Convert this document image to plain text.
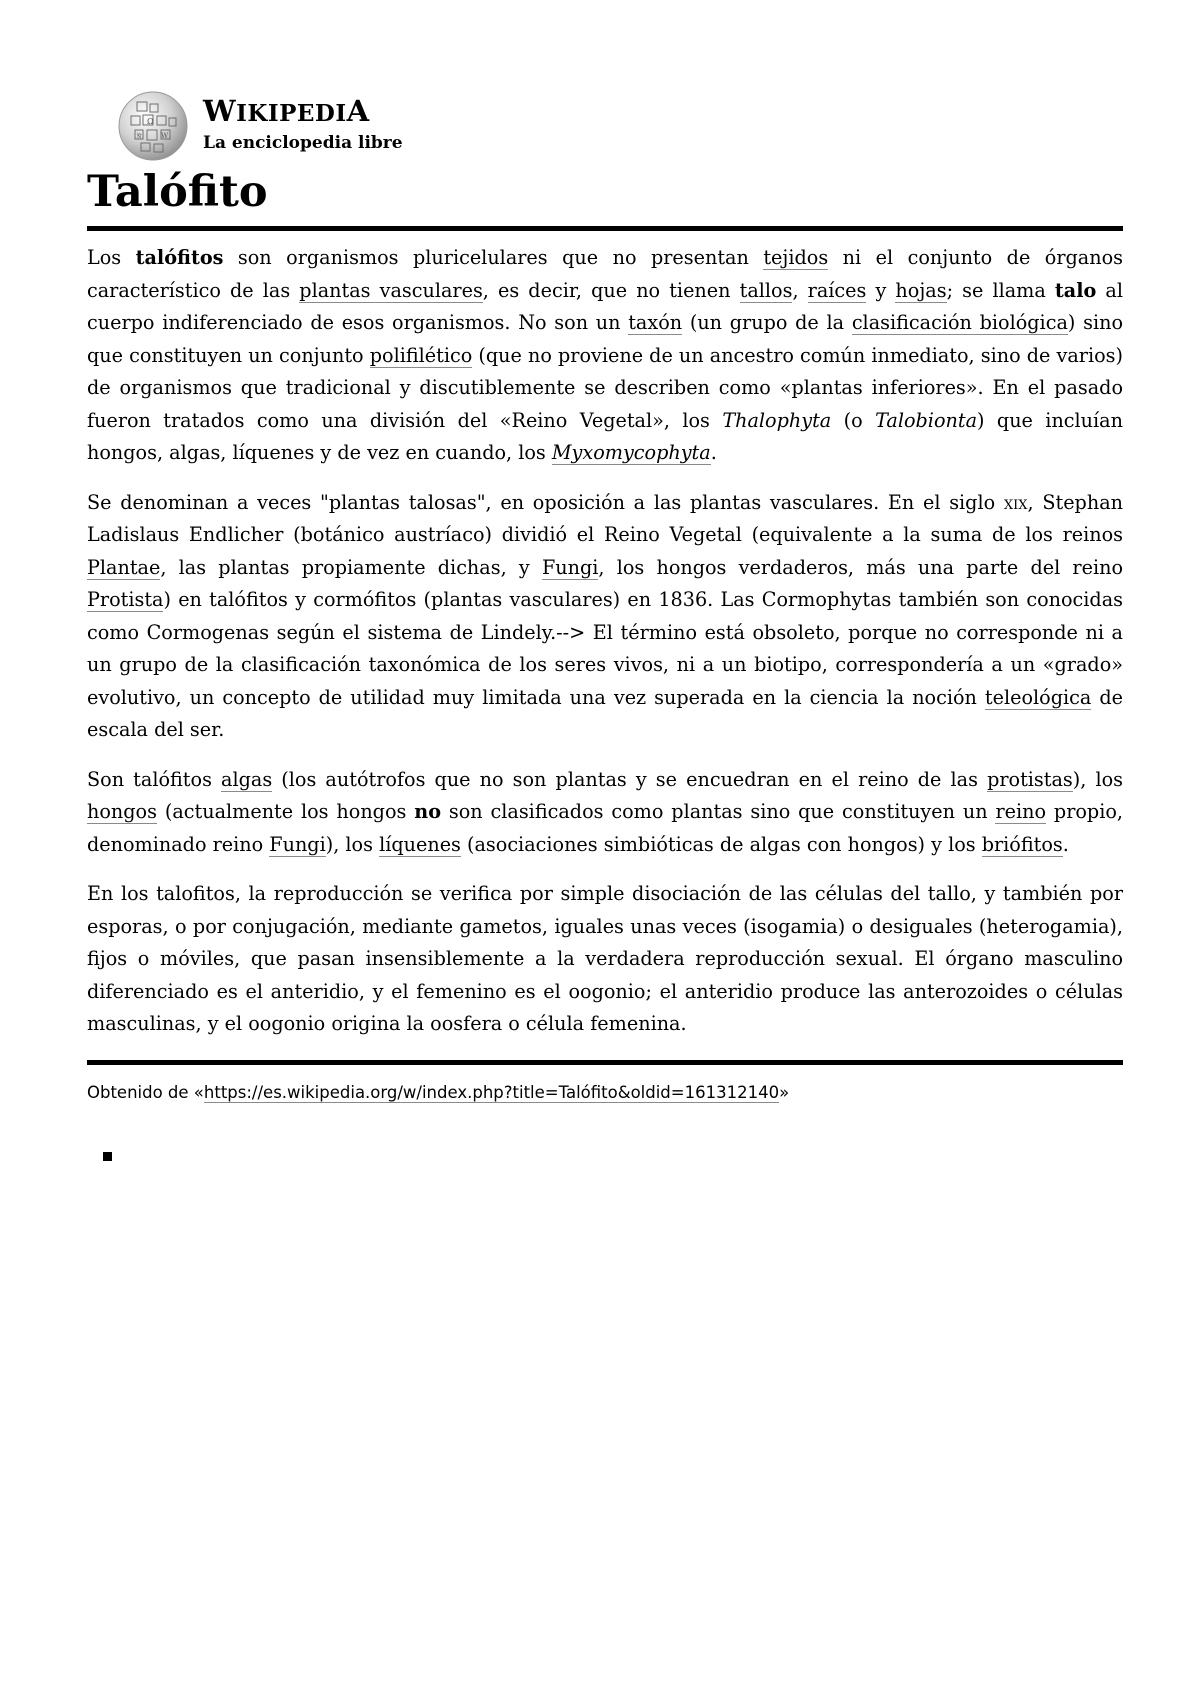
Ω
W
ঈ
WIKIPEDIA
La enciclopedia libre
Talófito

Los talófitos son organismos pluricelulares que no presentan tejidos ni el conjunto de órganos característico de las plantas vasculares, es decir, que no tienen tallos, raíces y hojas; se llama talo al cuerpo indiferenciado de esos organismos. No son un taxón (un grupo de la clasificación biológica) sino que constituyen un conjunto polifilético (que no proviene de un ancestro común inmediato, sino de varios) de organismos que tradicional y discutiblemente se describen como «plantas inferiores». En el pasado fueron tratados como una división del «Reino Vegetal», los Thalophyta (o Talobionta) que incluían hongos, algas, líquenes y de vez en cuando, los Myxomycophyta.

Se denominan a veces "plantas talosas", en oposición a las plantas vasculares. En el siglo xix, Stephan Ladislaus Endlicher (botánico austríaco) dividió el Reino Vegetal (equivalente a la suma de los reinos Plantae, las plantas propiamente dichas, y Fungi, los hongos verdaderos, más una parte del reino Protista) en talófitos y cormófitos (plantas vasculares) en 1836. Las Cormophytas también son conocidas como Cormogenas según el sistema de Lindely.--> El término está obsoleto, porque no corresponde ni a un grupo de la clasificación taxonómica de los seres vivos, ni a un biotipo, correspondería a un «grado» evolutivo, un concepto de utilidad muy limitada una vez superada en la ciencia la noción teleológica de escala del ser.

Son talófitos algas (los autótrofos que no son plantas y se encuedran en el reino de las protistas), los hongos (actualmente los hongos no son clasificados como plantas sino que constituyen un reino propio, denominado reino Fungi), los líquenes (asociaciones simbióticas de algas con hongos) y los briófitos.

En los talofitos, la reproducción se verifica por simple disociación de las células del tallo, y también por esporas, o por conjugación, mediante gametos, iguales unas veces (isogamia) o desiguales (heterogamia), fijos o móviles, que pasan insensiblemente a la verdadera reproducción sexual. El órgano masculino diferenciado es el anteridio, y el femenino es el oogonio; el anteridio produce las anterozoides o células masculinas, y el oogonio origina la oosfera o célula femenina.

Obtenido de «https://es.wikipedia.org/w/index.php?title=Talófito&oldid=161312140»
